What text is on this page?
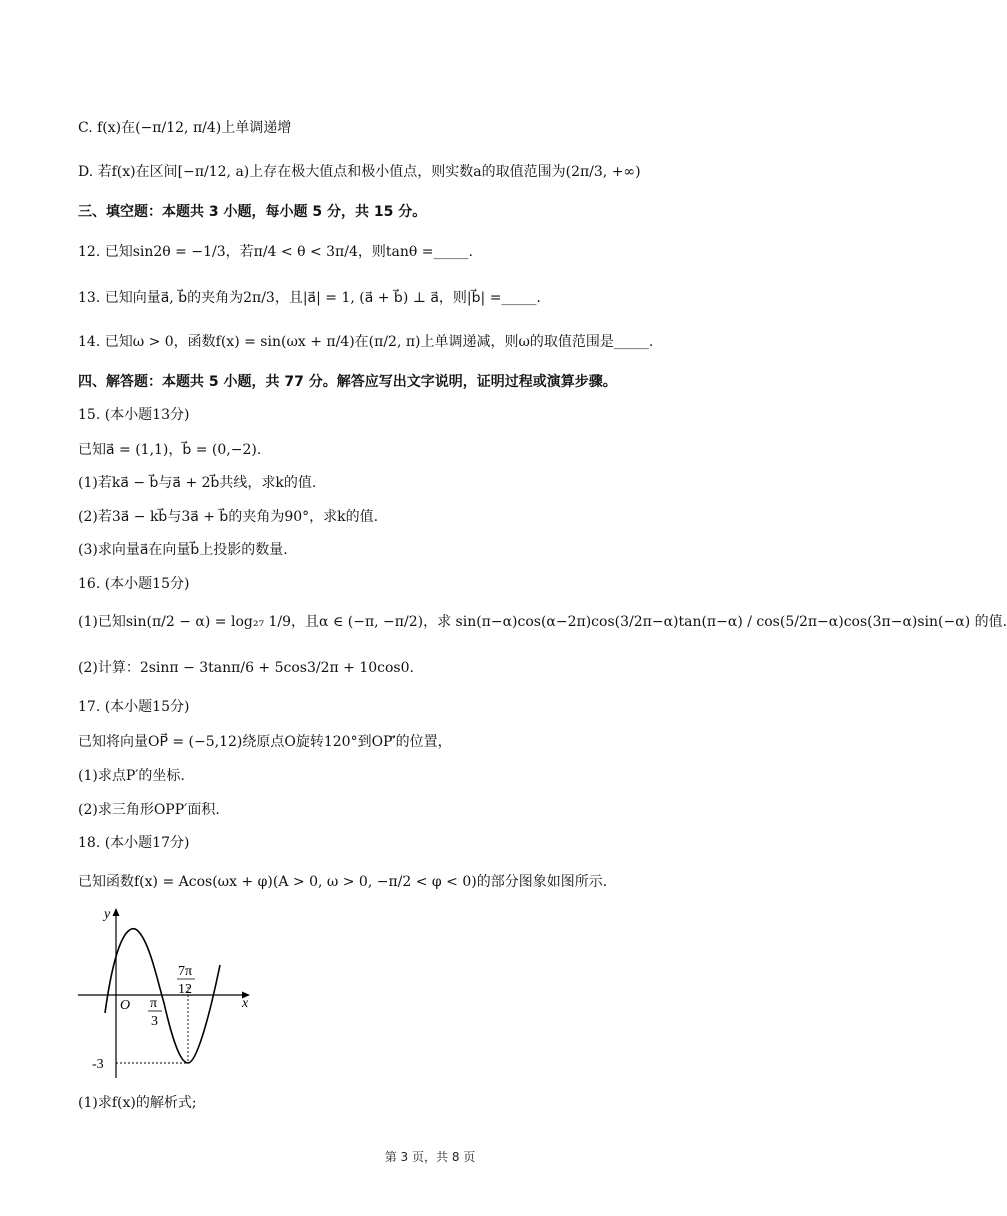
C. f(x)在(−π/12, π/4)上单调递增
D. 若f(x)在区间[−π/12, a)上存在极大值点和极小值点，则实数a的取值范围为(2π/3, +∞)
三、填空题：本题共 3 小题，每小题 5 分，共 15 分。
12. 已知sin2θ = −1/3，若π/4 < θ < 3π/4，则tanθ =_____.
13. 已知向量a⃗, b⃗的夹角为2π/3，且|a⃗| = 1, (a⃗ + b⃗) ⊥ a⃗，则|b⃗| =_____.
14. 已知ω > 0，函数f(x) = sin(ωx + π/4)在(π/2, π)上单调递减，则ω的取值范围是_____.
四、解答题：本题共 5 小题，共 77 分。解答应写出文字说明，证明过程或演算步骤。
15. (本小题13分)
已知a⃗ = (1,1)，b⃗ = (0,−2).
(1)若ka⃗ − b⃗与a⃗ + 2b⃗共线，求k的值.
(2)若3a⃗ − kb⃗与3a⃗ + b⃗的夹角为90°，求k的值.
(3)求向量a⃗在向量b⃗上投影的数量.
16. (本小题15分)
(1)已知sin(π/2 − α) = log₂₇ 1/9，且α ∈ (−π, −π/2)，求 sin(π−α)cos(α−2π)cos(3/2π−α)tan(π−α) / cos(5/2π−α)cos(3π−α)sin(−α) 的值.
(2)计算：2sinπ − 3tanπ/6 + 5cos3/2π + 10cos0.
17. (本小题15分)
已知将向量OP⃗ = (−5,12)绕原点O旋转120°到OP′⃗的位置，
(1)求点P′的坐标.
(2)求三角形OPP′面积.
18. (本小题17分)
已知函数f(x) = Acos(ωx + φ)(A > 0, ω > 0, −π/2 < φ < 0)的部分图象如图所示.
(1)求f(x)的解析式;
y
x
O π
3
7π
12
-3
第 3 页，共 8 页
